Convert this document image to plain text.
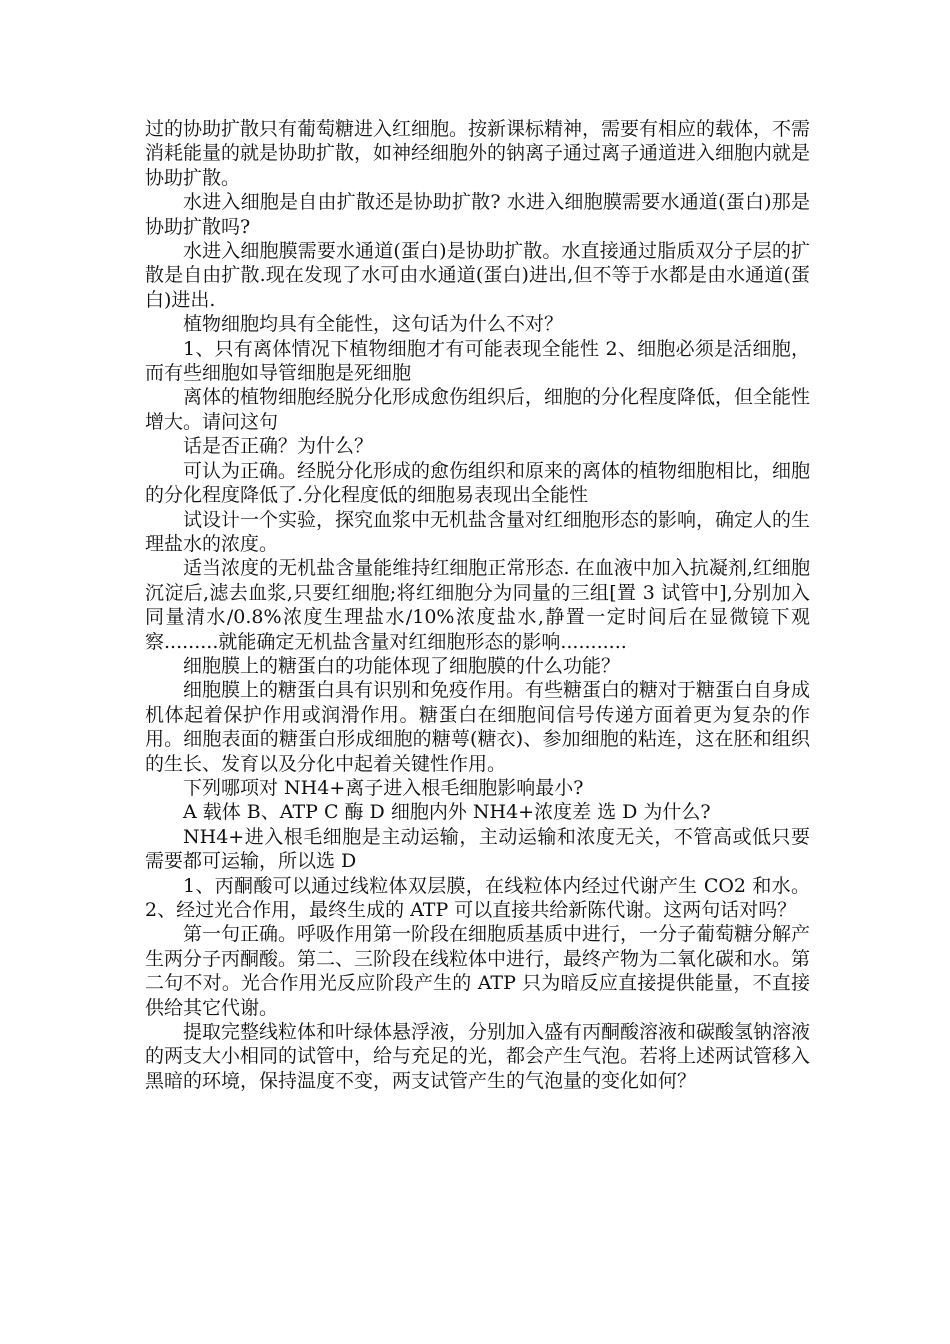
过的协助扩散只有葡萄糖进入红细胞。按新课标精神，需要有相应的载体，不需消耗能量的就是协助扩散，如神经细胞外的钠离子通过离子通道进入细胞内就是协助扩散。

水进入细胞是自由扩散还是协助扩散? 水进入细胞膜需要水通道(蛋白)那是协助扩散吗?

水进入细胞膜需要水通道(蛋白)是协助扩散。水直接通过脂质双分子层的扩散是自由扩散.现在发现了水可由水通道(蛋白)进出,但不等于水都是由水通道(蛋白)进出.

植物细胞均具有全能性，这句话为什么不对？

1、只有离体情况下植物细胞才有可能表现全能性 2、细胞必须是活细胞，而有些细胞如导管细胞是死细胞

离体的植物细胞经脱分化形成愈伤组织后，细胞的分化程度降低，但全能性增大。请问这句

话是否正确？为什么？

可认为正确。经脱分化形成的愈伤组织和原来的离体的植物细胞相比，细胞的分化程度降低了.分化程度低的细胞易表现出全能性

试设计一个实验，探究血浆中无机盐含量对红细胞形态的影响，确定人的生理盐水的浓度。

适当浓度的无机盐含量能维持红细胞正常形态. 在血液中加入抗凝剂,红细胞沉淀后,滤去血浆,只要红细胞;将红细胞分为同量的三组[置 3 试管中],分别加入同量清水/0.8%浓度生理盐水/10%浓度盐水,静置一定时间后在显微镜下观察.........就能确定无机盐含量对红细胞形态的影响...........

细胞膜上的糖蛋白的功能体现了细胞膜的什么功能？

细胞膜上的糖蛋白具有识别和免疫作用。有些糖蛋白的糖对于糖蛋白自身成机体起着保护作用或润滑作用。糖蛋白在细胞间信号传递方面着更为复杂的作用。细胞表面的糖蛋白形成细胞的糖萼(糖衣)、参加细胞的粘连，这在胚和组织的生长、发育以及分化中起着关键性作用。

下列哪项对 NH4+离子进入根毛细胞影响最小?

A 载体 B、ATP C 酶 D 细胞内外 NH4+浓度差 选 D 为什么?

NH4+进入根毛细胞是主动运输，主动运输和浓度无关，不管高或低只要需要都可运输，所以选 D

1、丙酮酸可以通过线粒体双层膜，在线粒体内经过代谢产生 CO2 和水。2、经过光合作用，最终生成的 ATP 可以直接共给新陈代谢。这两句话对吗？

第一句正确。呼吸作用第一阶段在细胞质基质中进行，一分子葡萄糖分解产生两分子丙酮酸。第二、三阶段在线粒体中进行，最终产物为二氧化碳和水。第二句不对。光合作用光反应阶段产生的 ATP 只为暗反应直接提供能量，不直接供给其它代谢。

提取完整线粒体和叶绿体悬浮液，分别加入盛有丙酮酸溶液和碳酸氢钠溶液的两支大小相同的试管中，给与充足的光，都会产生气泡。若将上述两试管移入黑暗的环境，保持温度不变，两支试管产生的气泡量的变化如何？
